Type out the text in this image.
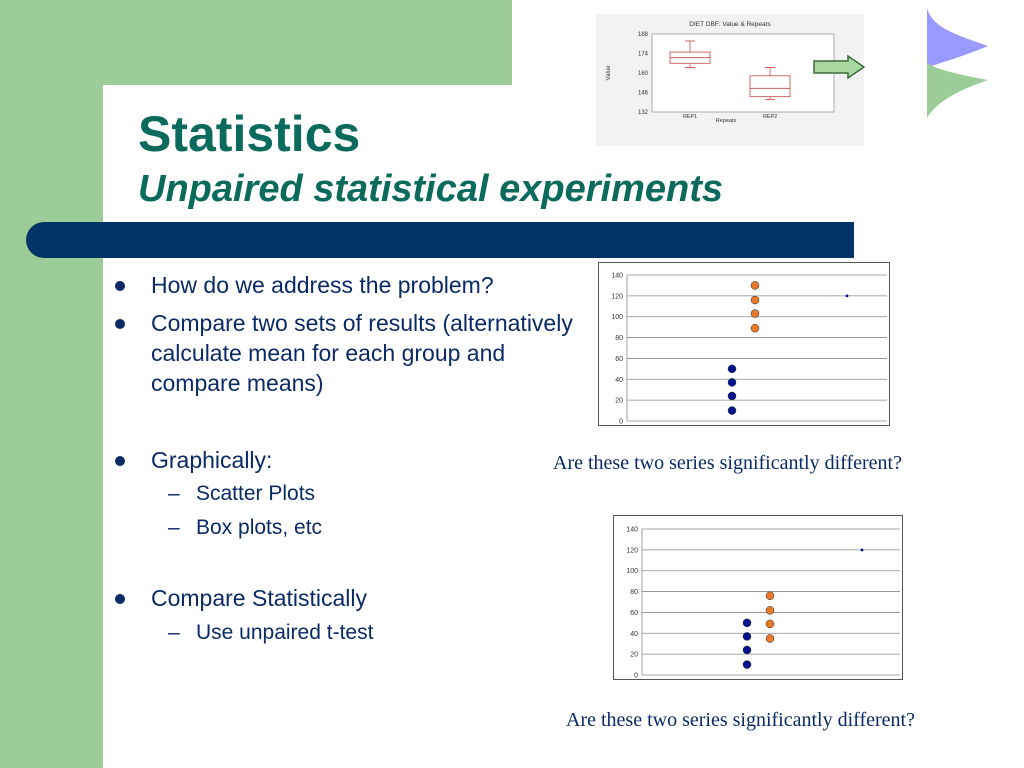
Statistics
Unpaired statistical experiments
How do we address the problem?
Compare two sets of results (alternatively calculate mean for each group and compare means)
Graphically:
– Scatter Plots
– Box plots, etc
Compare Statistically
– Use unpaired t-test
DIET DBF: Value & Repeats
188
174
160
146
132
Value
Repeats
REP1	REP2
0
20
40
60
80
100
120
140
Are these two series significantly different?
0
20
40
60
80
100
120
140
Are these two series significantly different?
